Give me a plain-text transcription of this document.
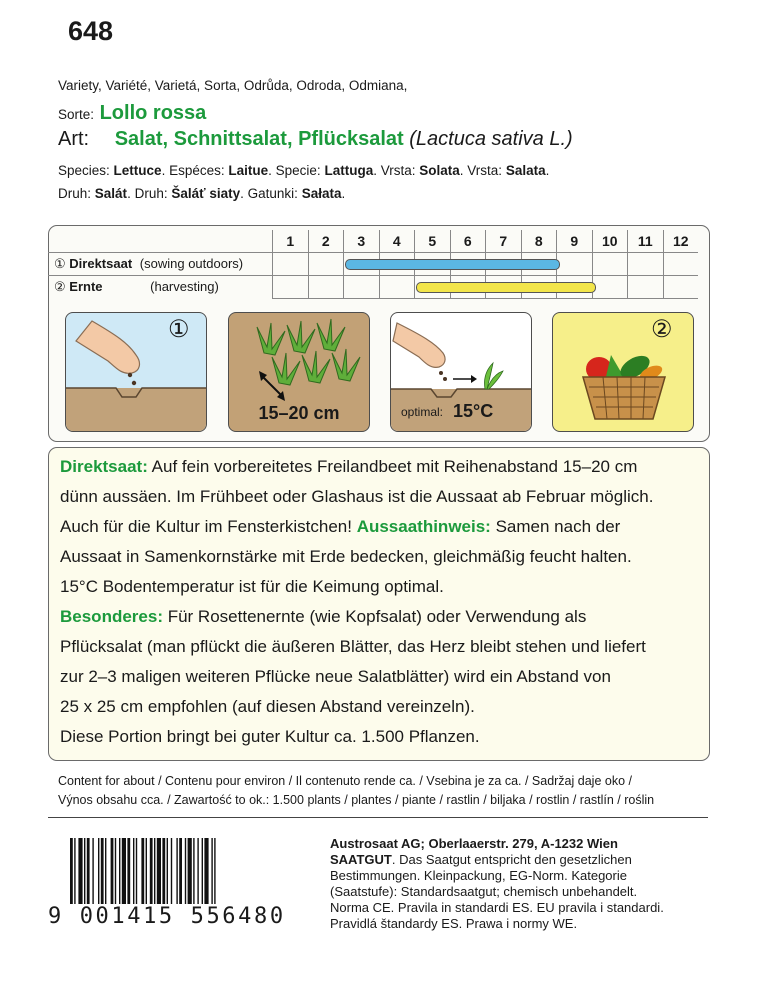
648
Variety, Variété, Varietá, Sorta, Odrůda, Odroda, Odmiana,
Sorte: Lollo rossa
Art: Salat, Schnittsalat, Pflücksalat (Lactuca sativa L.)
Species: Lettuce. Espéces: Laitue. Specie: Lattuga. Vrsta: Solata. Vrsta: Salata.
Druh: Salát. Druh: Šaláť siaty. Gatunki: Sałata.
	1	2	3	4	5	6	7	8	9	10	11	12
① Direktsaat (sowing outdoors)												
② Ernte (harvesting)												
①
15–20 cm	optimal: 15°C
②
Direktsaat: Auf fein vorbereitetes Freilandbeet mit Reihenabstand 15–20 cm
dünn aussäen. Im Frühbeet oder Glashaus ist die Aussaat ab Februar möglich.
Auch für die Kultur im Fensterkistchen! Aussaathinweis: Samen nach der
Aussaat in Samenkornstärke mit Erde bedecken, gleichmäßig feucht halten.
15°C Bodentemperatur ist für die Keimung optimal.
Besonderes: Für Rosettenernte (wie Kopfsalat) oder Verwendung als
Pflücksalat (man pflückt die äußeren Blätter, das Herz bleibt stehen und liefert
zur 2–3 maligen weiteren Pflücke neue Salatblätter) wird ein Abstand von
25 x 25 cm empfohlen (auf diesen Abstand vereinzeln).
Diese Portion bringt bei guter Kultur ca. 1.500 Pflanzen.
Content for about / Contenu pour environ / Il contenuto rende ca. / Vsebina je za ca. / Sadržaj daje oko /
Výnos obsahu cca. / Zawartość to ok.: 1.500 plants / plantes / piante / rastlin / biljaka / rostlin / rastlín / roślin
9 001415 556480
Austrosaat AG; Oberlaaerstr. 279, A-1232 Wien
SAATGUT. Das Saatgut entspricht den gesetzlichen
Bestimmungen. Kleinpackung, EG-Norm. Kategorie
(Saatstufe): Standardsaatgut; chemisch unbehandelt.
Norma CE. Pravila in standardi ES. EU pravila i standardi.
Pravidlá štandardy ES. Prawa i normy WE.
